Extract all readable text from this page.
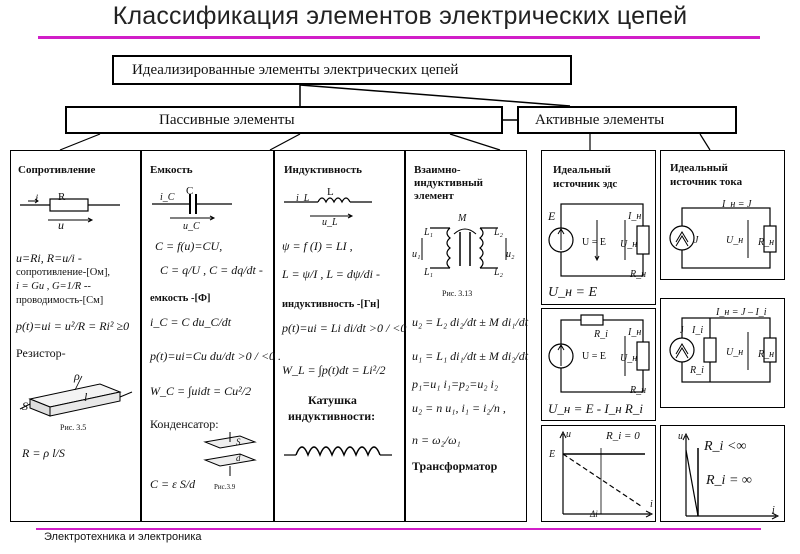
Классификация элементов электрических цепей
Идеализированные элементы электрических цепей
Пассивные элементы	Активные элементы
Сопротивление
i R
u
u=Ri, R=u/i -
сопротивление-[Ом],
i = Gu , G=1/R --
проводимость-[См]
p(t)=ui = u²/R = Ri² ≥0
Резистор-
ρ
S
l
Рис. 3.5
R = ρ l/S
Емкость
C
i_C
u_C
C = f(u)=CU,
C = q/U , C = dq/dt -
емкость -[Ф]
i_C = C du_C/dt
p(t)=ui=Cu du/dt >0 / <0 .
W_C = ∫uidt = Cu²/2
Конденсатор:
S
d
Рис.3.9
C = ε S/d
Индуктивность
L
i_L
u_L
ψ = f (I) = LI ,
L = ψ/I , L = dψ/di -
индуктивность -[Гн]
p(t)=ui = Li di/dt >0 / <0
W_L = ∫p(t)dt = Li²/2
Катушка
индуктивности:
Взаимно-
индуктивный
элемент
M
L₁	L₂
u₁	u₂
L₁	L₂
Рис. 3.13
u₂ = L₂ di₂/dt ± M di₁/dt
u₁ = L₁ di₁/dt ± M di₂/dt
p₁=u₁ i₁=p₂=u₂ i₂
u₂ = n u₁, i₁ = i₂/n ,
n = ω₂/ω₁
Трансформатор
Идеальный
источник эдс
E
U = E U_н
I_н
R_н
U_н = E
R_i
U = E U_н
I_н
R_н
U_н = E - I_н R_i
u
i
E
R_i = 0
Δi
Идеальный
источник тока
I_н = J
J	U_н R_н
I_н = J – I_i
J I_i
R_i
U_н R_н
u
i
R_i <∞
R_i = ∞
Электротехника и электроника
